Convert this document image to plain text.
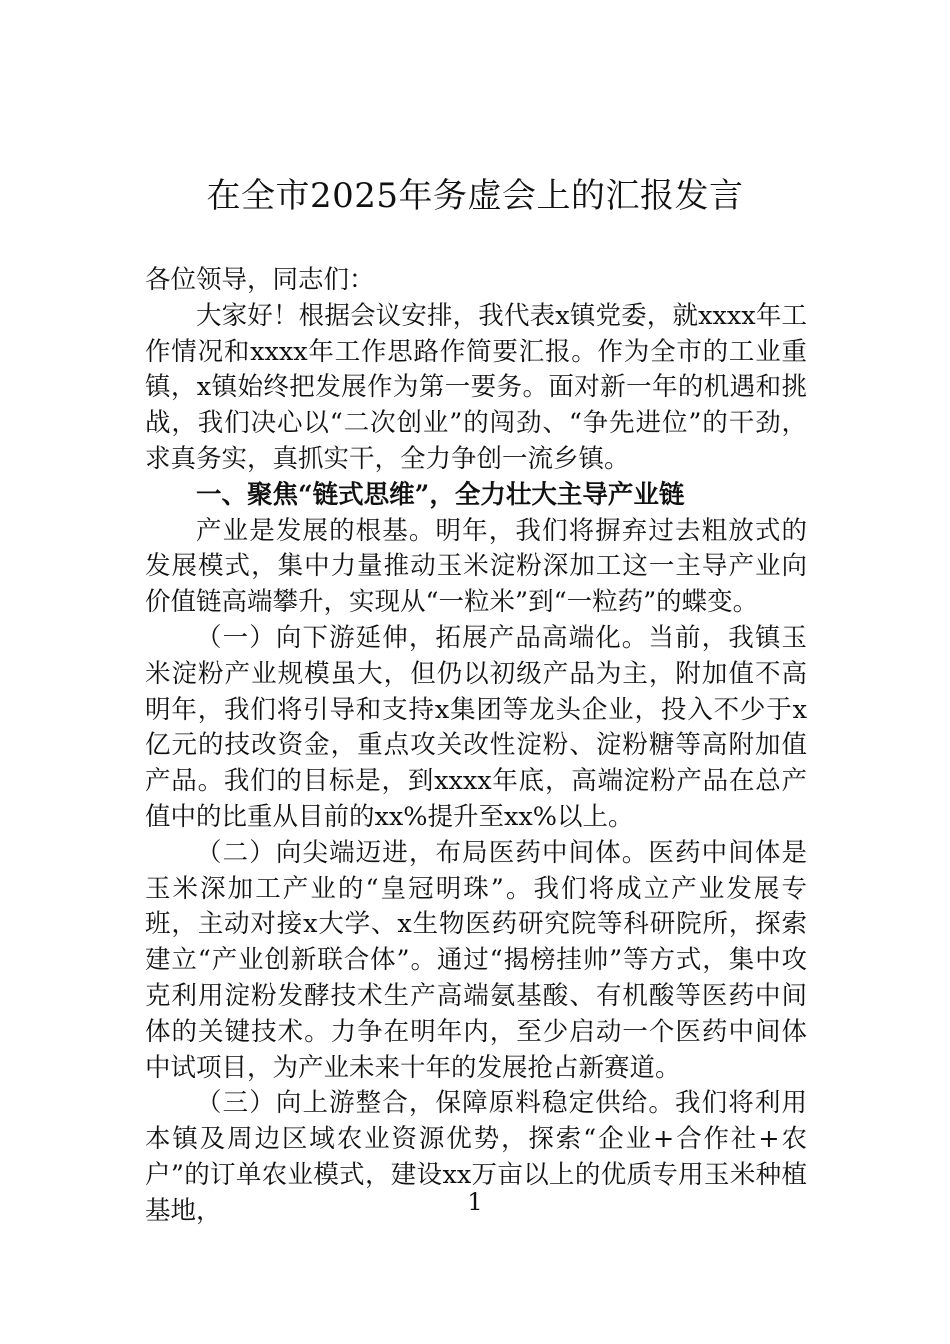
在全市2025年务虚会上的汇报发言

各位领导，同志们：

大家好！根据会议安排，我代表x镇党委，就xxxx年工作情况和xxxx年工作思路作简要汇报。作为全市的工业重镇，x镇始终把发展作为第一要务。面对新一年的机遇和挑战，我们决心以“二次创业”的闯劲、“争先进位”的干劲，求真务实，真抓实干，全力争创一流乡镇。

一、聚焦“链式思维”，全力壮大主导产业链

产业是发展的根基。明年，我们将摒弃过去粗放式的发展模式，集中力量推动玉米淀粉深加工这一主导产业向价值链高端攀升，实现从“一粒米”到“一粒药”的蝶变。

（一）向下游延伸，拓展产品高端化。当前，我镇玉米淀粉产业规模虽大，但仍以初级产品为主，附加值不高明年，我们将引导和支持x集团等龙头企业，投入不少于x亿元的技改资金，重点攻关改性淀粉、淀粉糖等高附加值产品。我们的目标是，到xxxx年底，高端淀粉产品在总产值中的比重从目前的xx%提升至xx%以上。

（二）向尖端迈进，布局医药中间体。医药中间体是玉米深加工产业的“皇冠明珠”。我们将成立产业发展专班，主动对接x大学、x生物医药研究院等科研院所，探索建立“产业创新联合体”。通过“揭榜挂帅”等方式，集中攻克利用淀粉发酵技术生产高端氨基酸、有机酸等医药中间体的关键技术。力争在明年内，至少启动一个医药中间体中试项目，为产业未来十年的发展抢占新赛道。

（三）向上游整合，保障原料稳定供给。我们将利用本镇及周边区域农业资源优势，探索“企业+合作社+农户”的订单农业模式，建设xx万亩以上的优质专用玉米种植基地，	1
